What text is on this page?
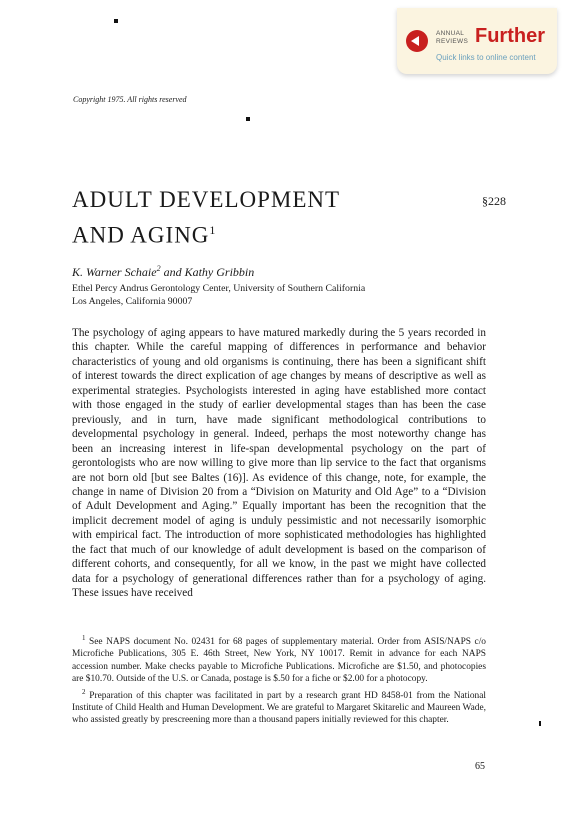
ANNUAL
REVIEWS Further
Quick links to online content
Copyright 1975. All rights reserved
ADULT DEVELOPMENT
AND AGING$^1$
§228
K. Warner Schaie$^2$ and Kathy Gribbin
Ethel Percy Andrus Gerontology Center, University of Southern California
Los Angeles, California 90007

The psychology of aging appears to have matured markedly during the 5 years recorded in this chapter. While the careful mapping of differences in performance and behavior characteristics of young and old organisms is continuing, there has been a significant shift of interest towards the direct explication of age changes by means of descriptive as well as experimental strategies. Psychologists interested in aging have established more contact with those engaged in the study of earlier developmental stages than has been the case previously, and in turn, have made significant methodological contributions to developmental psychology in general. Indeed, perhaps the most noteworthy change has been an increasing interest in life-span developmental psychology on the part of gerontologists who are now willing to give more than lip service to the fact that organisms are not born old [but see Baltes (16)]. As evidence of this change, note, for example, the change in name of Division 20 from a “Division on Maturity and Old Age” to a “Division of Adult Development and Aging.” Equally important has been the recognition that the implicit decrement model of aging is unduly pessimistic and not necessarily isomorphic with empirical fact. The introduction of more sophisticated methodologies has highlighted the fact that much of our knowledge of adult development is based on the comparison of different cohorts, and consequently, for all we know, in the past we might have collected data for a psychology of generational differences rather than for a psychology of aging. These issues have received

$^1$ See NAPS document No. 02431 for 68 pages of supplementary material. Order from ASIS/NAPS c/o Microfiche Publications, 305 E. 46th Street, New York, NY 10017. Remit in advance for each NAPS accession number. Make checks payable to Microfiche Publications. Microfiche are $1.50, and photocopies are $10.70. Outside of the U.S. or Canada, postage is $.50 for a fiche or $2.00 for a photocopy.

$^2$ Preparation of this chapter was facilitated in part by a research grant HD 8458-01 from the National Institute of Child Health and Human Development. We are grateful to Margaret Skitarelic and Maureen Wade, who assisted greatly by prescreening more than a thousand papers initially reviewed for this chapter.

65
